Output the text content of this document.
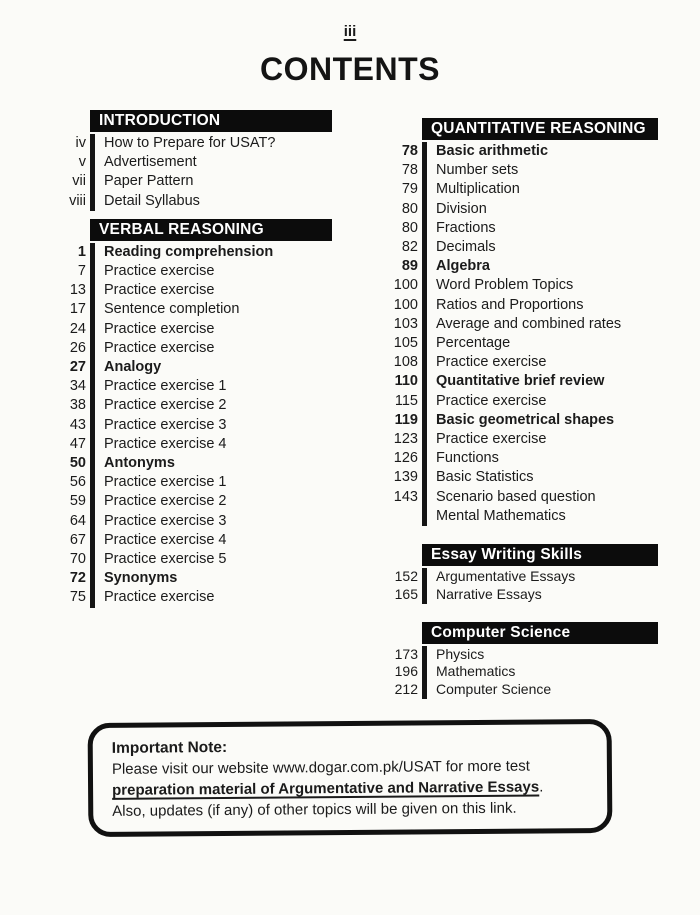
iii
CONTENTS
INTRODUCTION
iv	How to Prepare for USAT?
v	Advertisement
vii	Paper Pattern
viii	Detail Syllabus
VERBAL REASONING
1	Reading comprehension
7	Practice exercise
13	Practice exercise
17	Sentence completion
24	Practice exercise
26	Practice exercise
27	Analogy
34	Practice exercise 1
38	Practice exercise 2
43	Practice exercise 3
47	Practice exercise 4
50	Antonyms
56	Practice exercise 1
59	Practice exercise 2
64	Practice exercise 3
67	Practice exercise 4
70	Practice exercise 5
72	Synonyms
75	Practice exercise
QUANTITATIVE REASONING
78	Basic arithmetic
78	Number sets
79	Multiplication
80	Division
80	Fractions
82	Decimals
89	Algebra
100	Word Problem Topics
100	Ratios and Proportions
103	Average and combined rates
105	Percentage
108	Practice exercise
110	Quantitative brief review
115	Practice exercise
119	Basic geometrical shapes
123	Practice exercise
126	Functions
139	Basic Statistics
143	Scenario based question
Mental Mathematics
Essay Writing Skills
152	Argumentative Essays
165	Narrative Essays
Computer Science
173	Physics
196	Mathematics
212	Computer Science
Important Note:
Please visit our website www.dogar.com.pk/USAT for more test
preparation material of Argumentative and Narrative Essays.
Also, updates (if any) of other topics will be given on this link.
